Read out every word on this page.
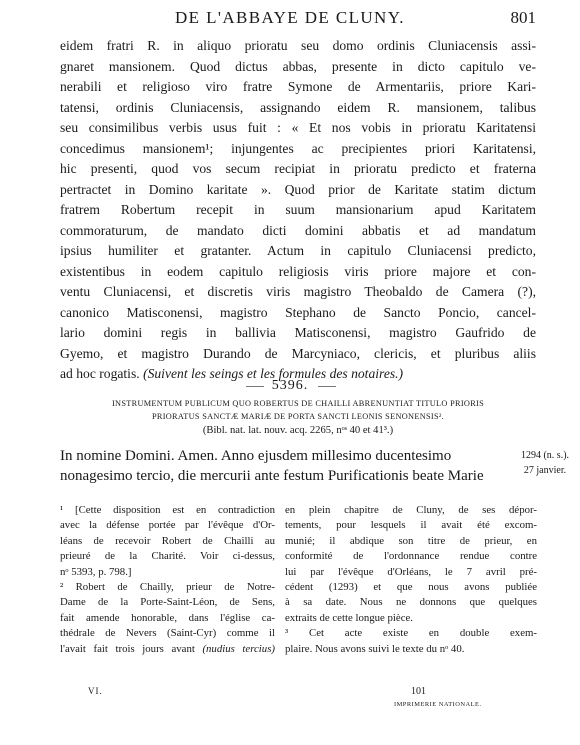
DE L'ABBAYE DE CLUNY.	801
eidem fratri R. in aliquo prioratu seu domo ordinis Cluniacensis assi-
gnaret mansionem. Quod dictus abbas, presente in dicto capitulo ve-
nerabili et religioso viro fratre Symone de Armentariis, priore Kari-
tatensi, ordinis Cluniacensis, assignando eidem R. mansionem, talibus
seu consimilibus verbis usus fuit : « Et nos vobis in prioratu Karitatensi
concedimus mansionem¹; injungentes ac precipientes priori Karitatensi,
hic presenti, quod vos secum recipiat in prioratu predicto et fraterna
pertractet in Domino karitate ». Quod prior de Karitate statim dictum
fratrem Robertum recepit in suum mansionarium apud Karitatem
commoraturum, de mandato dicti domini abbatis et ad mandatum
ipsius humiliter et gratanter. Actum in capitulo Cluniacensi predicto,
existentibus in eodem capitulo religiosis viris priore majore et con-
ventu Cluniacensi, et discretis viris magistro Theobaldo de Camera (?),
canonico Matisconensi, magistro Stephano de Sancto Poncio, cancel-
lario domini regis in ballivia Matisconensi, magistro Gaufrido de
Gyemo, et magistro Durando de Marcyniaco, clericis, et pluribus aliis
ad hoc rogatis. (Suivent les seings et les formules des notaires.)
5396.
INSTRUMENTUM PUBLICUM QUO ROBERTUS DE CHAILLI ABRENUNTIAT TITULO PRIORIS
PRIORATUS SANCTÆ MARIÆ DE PORTA SANCTI LEONIS SENONENSIS².
(Bibl. nat. lat. nouv. acq. 2265, nᵒˢ 40 et 41³.)
In nomine Domini. Amen. Anno ejusdem millesimo ducentesimo
nonagesimo tercio, die mercurii ante festum Purificationis beate Marie
1294 (n. s.).
27 janvier.
¹ [Cette disposition est en contradiction
avec la défense portée par l'évêque d'Or-
léans de recevoir Robert de Chailli au
prieuré de la Charité. Voir ci-dessus,
nᵒ 5393, p. 798.]
² Robert de Chailly, prieur de Notre-
Dame de la Porte-Saint-Léon, de Sens,
fait amende honorable, dans l'église ca-
thédrale de Nevers (Saint-Cyr) comme il
l'avait fait trois jours avant (nudius tercius)
en plein chapitre de Cluny, de ses dépor-
tements, pour lesquels il avait été excom-
munié; il abdique son titre de prieur, en
conformité de l'ordonnance rendue contre
lui par l'évêque d'Orléans, le 7 avril pré-
cédent (1293) et que nous avons publiée
à sa date. Nous ne donnons que quelques
extraits de cette longue pièce.
³ Cet acte existe en double exem-
plaire. Nous avons suivi le texte du nᵒ 40.
VI.	101
IMPRIMERIE NATIONALE.
